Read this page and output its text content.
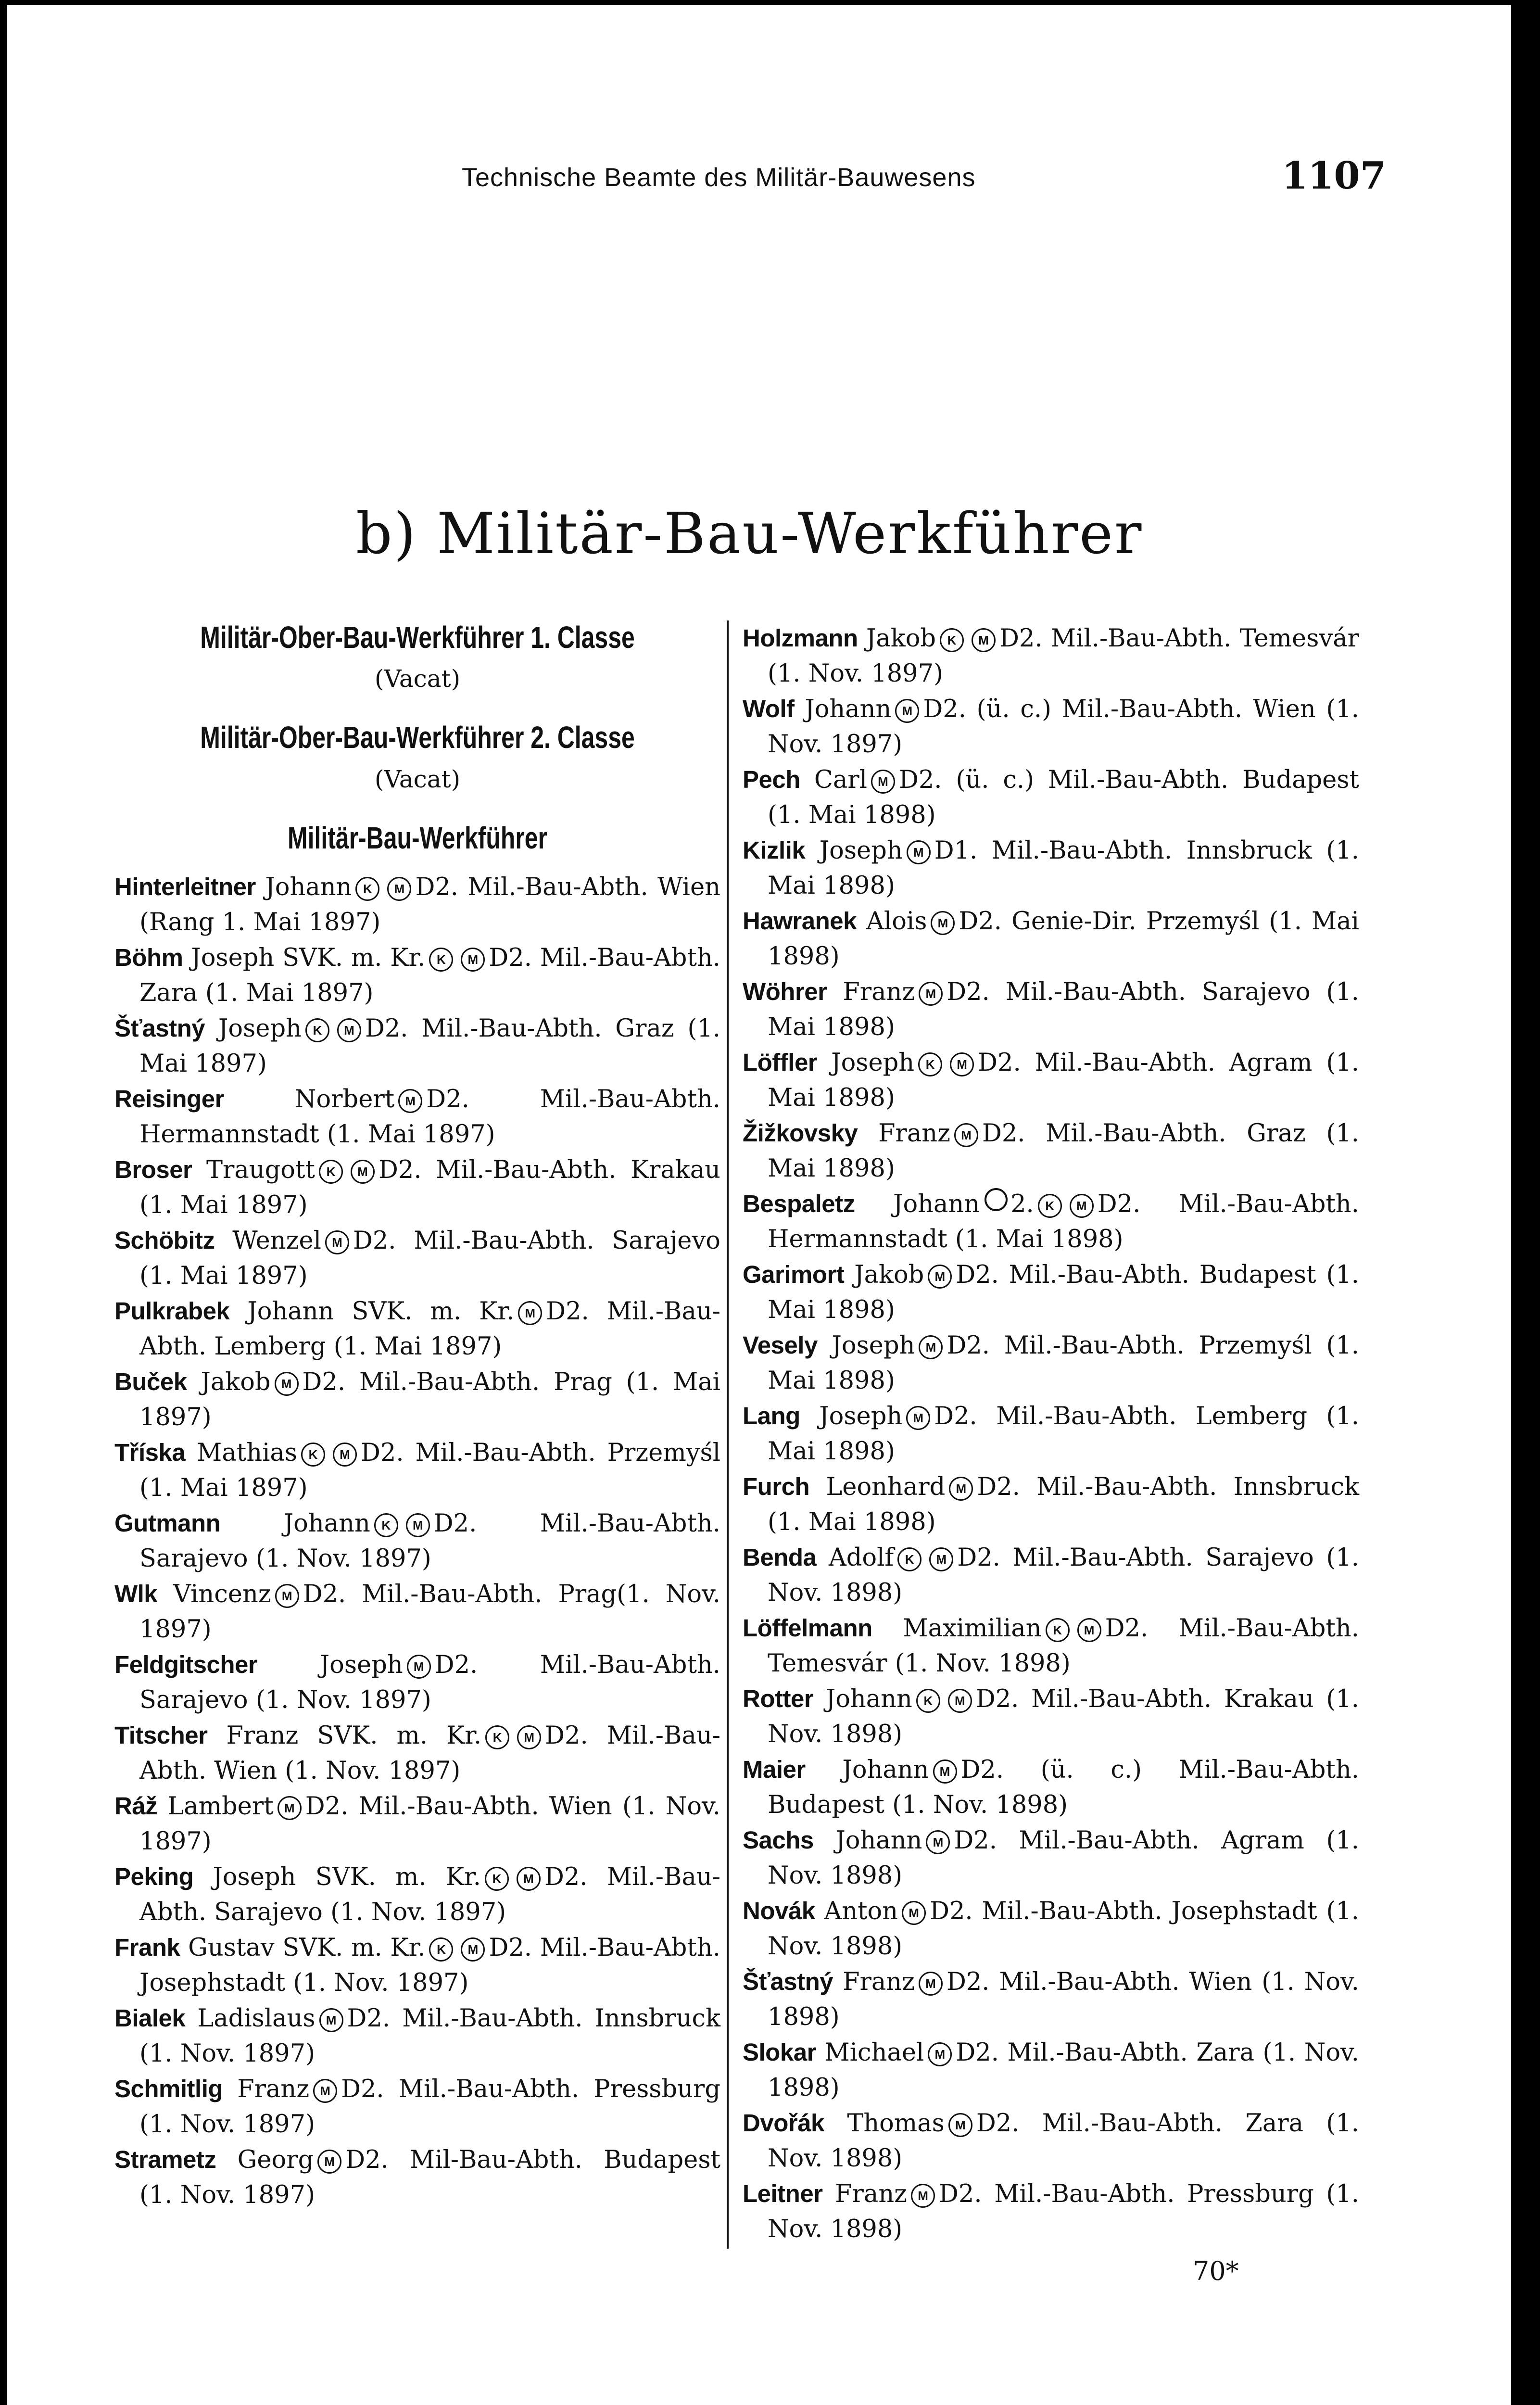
Technische Beamte des Militär-Bauwesens	1107
b) Militär-Bau-Werkführer
Militär-Ober-Bau-Werkführer 1. Classe
(Vacat)
Militär-Ober-Bau-Werkführer 2. Classe
(Vacat)
Militär-Bau-Werkführer
Hinterleitner Johann K M D2. Mil.-Bau-Abth. Wien (Rang 1. Mai 1897)
Böhm Joseph SVK. m. Kr. K M D2. Mil.-Bau-Abth. Zara (1. Mai 1897)
Šťastný Joseph K M D2. Mil.-Bau-Abth. Graz (1. Mai 1897)
Reisinger	Norbert M D2. Mil.-Bau-Abth. Hermannstadt (1. Mai 1897)
Broser Traugott K M D2. Mil.-Bau-Abth. Krakau (1. Mai 1897)
Schöbitz Wenzel M D2. Mil.-Bau-Abth. Sarajevo (1. Mai 1897)
Pulkrabek Johann SVK. m. Kr. M D2. Mil.-Bau-Abth. Lemberg (1. Mai 1897)
Buček Jakob M D2. Mil.-Bau-Abth. Prag (1. Mai 1897)
Tříska Mathias K M D2. Mil.-Bau-Abth. Przemyśl (1. Mai 1897)
Gutmann	Johann K M D2. Mil.-Bau-Abth. Sarajevo (1. Nov. 1897)
Wlk Vincenz M D2. Mil.-Bau-Abth. Prag(1. Nov. 1897)
Feldgitscher	Joseph M D2. Mil.-Bau-Abth. Sarajevo (1. Nov. 1897)
Titscher Franz SVK. m. Kr. K M D2. Mil.-Bau-Abth. Wien (1. Nov. 1897)
Ráž Lambert M D2. Mil.-Bau-Abth. Wien (1. Nov. 1897)
Peking Joseph SVK. m. Kr. K M D2. Mil.-Bau-Abth. Sarajevo (1. Nov. 1897)
Frank Gustav SVK. m. Kr. K M D2. Mil.-Bau-Abth. Josephstadt (1. Nov. 1897)
Bialek Ladislaus M D2. Mil.-Bau-Abth. Innsbruck (1. Nov. 1897)
Schmitlig Franz M D2. Mil.-Bau-Abth. Pressburg (1. Nov. 1897)
Strametz Georg M D2. Mil-Bau-Abth. Budapest (1. Nov. 1897)
Holzmann Jakob K M D2. Mil.-Bau-Abth. Temesvár (1. Nov. 1897)
Wolf Johann M D2. (ü. c.) Mil.-Bau-Abth. Wien (1. Nov. 1897)
Pech Carl M D2. (ü. c.) Mil.-Bau-Abth. Budapest (1. Mai 1898)
Kizlik Joseph M D1. Mil.-Bau-Abth. Innsbruck (1. Mai 1898)
Hawranek Alois M D2. Genie-Dir. Przemyśl (1. Mai 1898)
Wöhrer Franz M D2. Mil.-Bau-Abth. Sarajevo (1. Mai 1898)
Löffler Joseph K M D2. Mil.-Bau-Abth. Agram (1. Mai 1898)
Žižkovsky Franz M D2. Mil.-Bau-Abth. Graz (1. Mai 1898)
Bespaletz Johann 2. K M D2. Mil.-Bau-Abth. Hermannstadt (1. Mai 1898)
Garimort Jakob M D2. Mil.-Bau-Abth. Budapest (1. Mai 1898)
Vesely Joseph M D2. Mil.-Bau-Abth. Przemyśl (1. Mai 1898)
Lang Joseph M D2. Mil.-Bau-Abth. Lemberg (1. Mai 1898)
Furch Leonhard M D2. Mil.-Bau-Abth. Innsbruck (1. Mai 1898)
Benda Adolf K M D2. Mil.-Bau-Abth. Sarajevo (1. Nov. 1898)
Löffelmann Maximilian K M D2. Mil.-Bau-Abth. Temesvár (1. Nov. 1898)
Rotter Johann K M D2. Mil.-Bau-Abth. Krakau (1. Nov. 1898)
Maier Johann M D2. (ü. c.) Mil.-Bau-Abth. Budapest (1. Nov. 1898)
Sachs Johann M D2. Mil.-Bau-Abth. Agram (1. Nov. 1898)
Novák Anton M D2. Mil.-Bau-Abth. Josephstadt (1. Nov. 1898)
Šťastný Franz M D2. Mil.-Bau-Abth. Wien (1. Nov. 1898)
Slokar Michael M D2. Mil.-Bau-Abth. Zara (1. Nov. 1898)
Dvořák Thomas M D2. Mil.-Bau-Abth. Zara (1. Nov. 1898)
Leitner Franz M D2. Mil.-Bau-Abth. Pressburg (1. Nov. 1898)
70*
